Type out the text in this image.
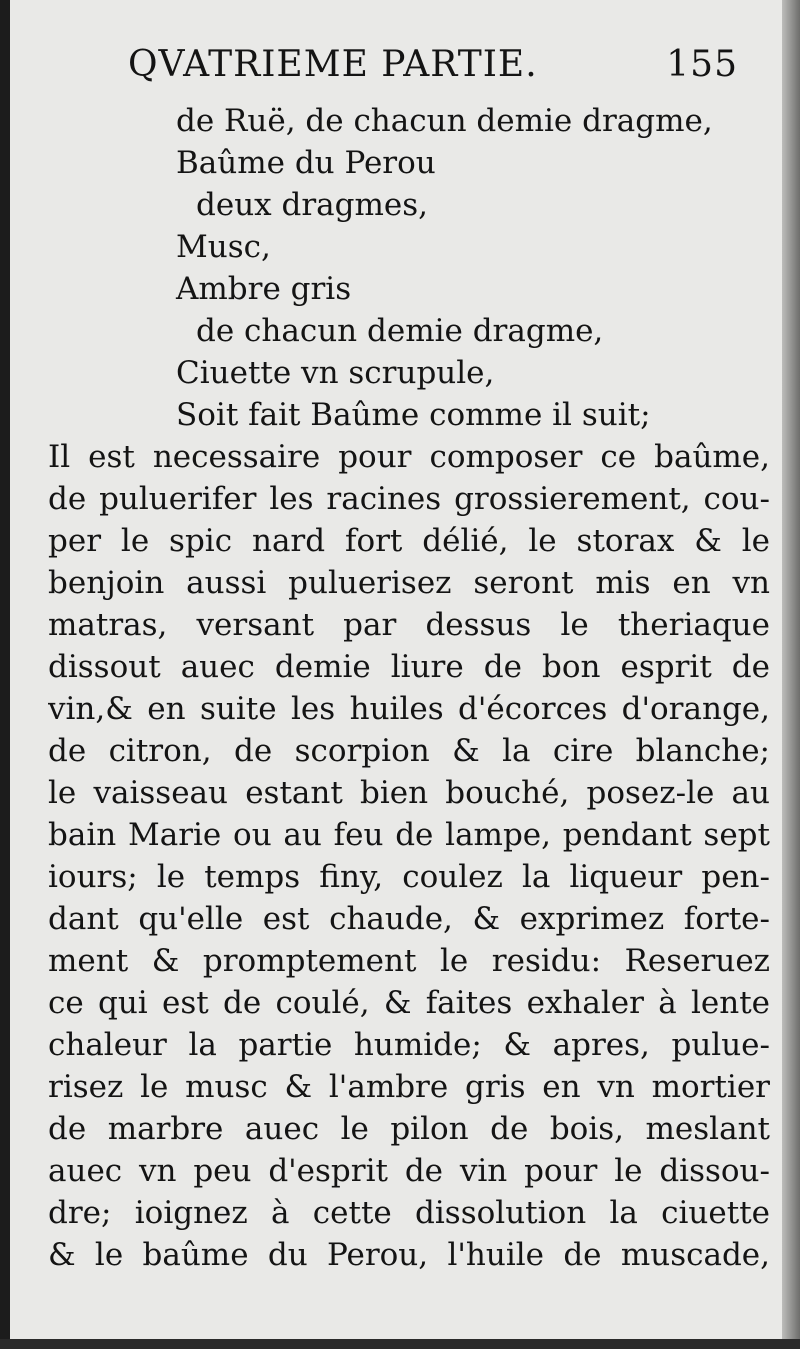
QVATRIEME PARTIE.	155
de Ruë, de chacun demie dragme,
Baûme du Perou
deux dragmes,
Musc,
Ambre gris
de chacun demie dragme,
Ciuette vn scrupule,
Soit fait Baûme comme il suit;
Il est necessaire pour composer ce baûme,
de puluerifer les racines grossierement, cou-
per le spic nard fort délié, le storax & le
benjoin aussi puluerisez seront mis en vn
matras, versant par dessus le theriaque
dissout auec demie liure de bon esprit de
vin,& en suite les huiles d'écorces d'orange,
de citron, de scorpion & la cire blanche;
le vaisseau estant bien bouché, posez-le au
bain Marie ou au feu de lampe, pendant sept
iours; le temps finy, coulez la liqueur pen-
dant qu'elle est chaude, & exprimez forte-
ment & promptement le residu: Reseruez
ce qui est de coulé, & faites exhaler à lente
chaleur la partie humide; & apres, pulue-
risez le musc & l'ambre gris en vn mortier
de marbre auec le pilon de bois, meslant
auec vn peu d'esprit de vin pour le dissou-
dre; ioignez à cette dissolution la ciuette
& le baûme du Perou, l'huile de muscade,
